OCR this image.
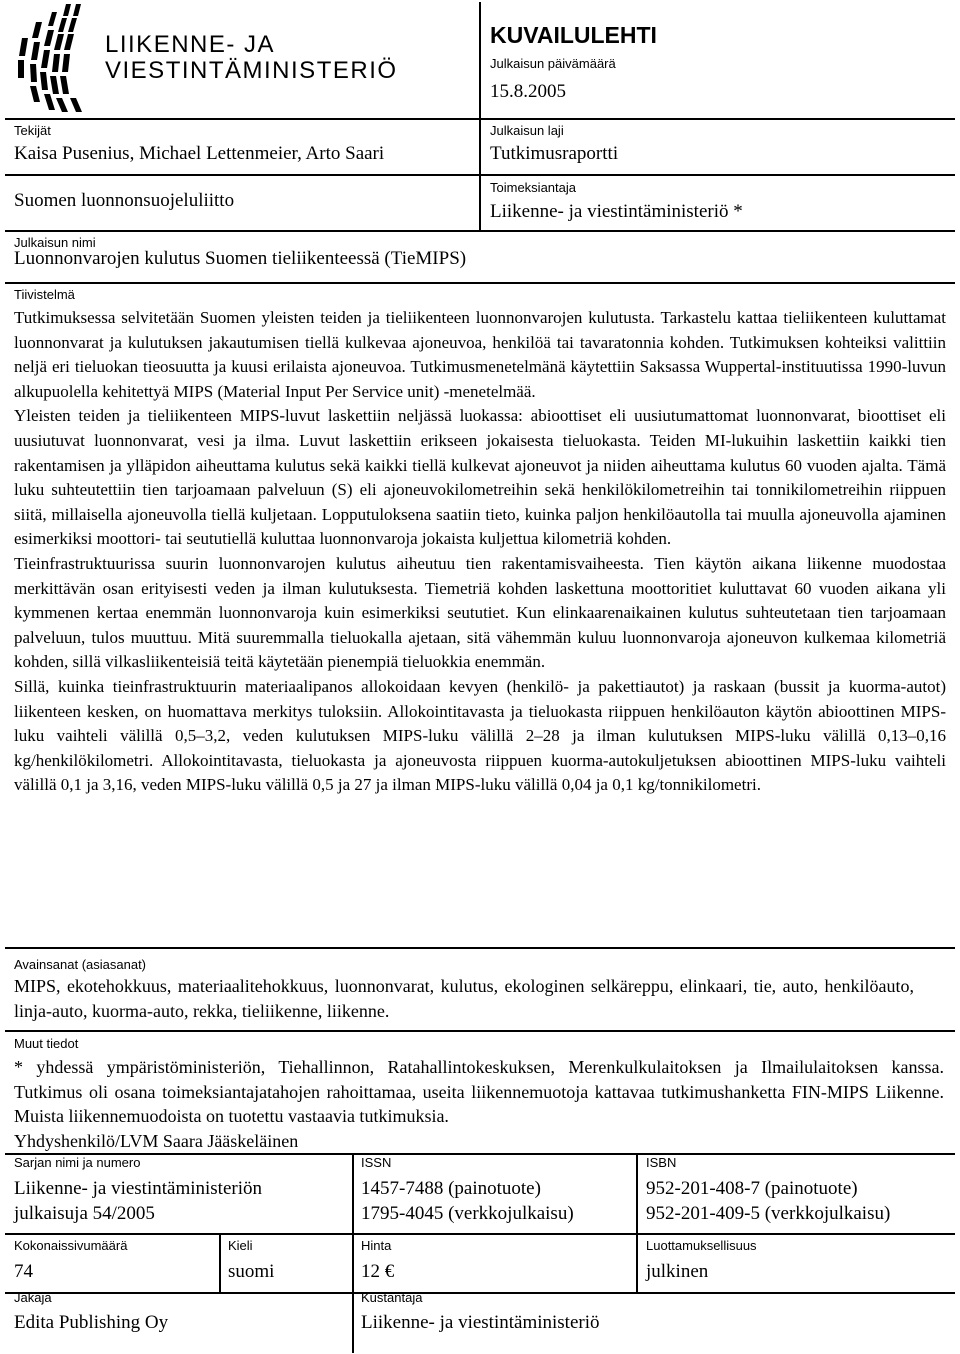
LIIKENNE- JA
VIESTINTÄMINISTERIÖ
KUVAILULEHTI
Julkaisun päivämäärä
15.8.2005
Tekijät
Kaisa Pusenius, Michael Lettenmeier, Arto Saari
Suomen luonnonsuojeluliitto
Julkaisun laji
Tutkimusraportti
Toimeksiantaja
Liikenne- ja viestintäministeriö *
Julkaisun nimi
Luonnonvarojen kulutus Suomen tieliikenteessä (TieMIPS)
Tiivistelmä

Tutkimuksessa selvitetään Suomen yleisten teiden ja tieliikenteen luonnonvarojen kulutusta. Tarkastelu kattaa tieliikenteen kuluttamat luonnonvarat ja kulutuksen jakautumisen tiellä kulkevaa ajoneuvoa, henkilöä tai tavaratonnia kohden. Tutkimuksen kohteiksi valittiin neljä eri tieluokan tieosuutta ja kuusi erilaista ajoneuvoa. Tutkimusmenetelmänä käytettiin Saksassa Wuppertal-instituutissa 1990-luvun alkupuolella kehitettyä MIPS (Material Input Per Service unit) -menetelmää.

Yleisten teiden ja tieliikenteen MIPS-luvut laskettiin neljässä luokassa: abioottiset eli uusiutumattomat luonnonvarat, bioottiset eli uusiutuvat luonnonvarat, vesi ja ilma. Luvut laskettiin erikseen jokaisesta tieluokasta. Teiden MI-lukuihin laskettiin kaikki tien rakentamisen ja ylläpidon aiheuttama kulutus sekä kaikki tiellä kulkevat ajoneuvot ja niiden aiheuttama kulutus 60 vuoden ajalta. Tämä luku suhteutettiin tien tarjoamaan palveluun (S) eli ajoneuvokilometreihin sekä henkilökilometreihin tai tonnikilometreihin riippuen siitä, millaisella ajoneuvolla tiellä kuljetaan. Lopputuloksena saatiin tieto, kuinka paljon henkilöautolla tai muulla ajoneuvolla ajaminen esimerkiksi moottori- tai seututiellä kuluttaa luonnonvaroja jokaista kuljettua kilometriä kohden.

Tieinfrastruktuurissa suurin luonnonvarojen kulutus aiheutuu tien rakentamisvaiheesta. Tien käytön aikana liikenne muodostaa merkittävän osan erityisesti veden ja ilman kulutuksesta. Tiemetriä kohden laskettuna moottoritiet kuluttavat 60 vuoden aikana yli kymmenen kertaa enemmän luonnonvaroja kuin esimerkiksi seututiet. Kun elinkaarenaikainen kulutus suhteutetaan tien tarjoamaan palveluun, tulos muuttuu. Mitä suuremmalla tieluokalla ajetaan, sitä vähemmän kuluu luonnonvaroja ajoneuvon kulkemaa kilometriä kohden, sillä vilkasliikenteisiä teitä käytetään pienempiä tieluokkia enemmän.

Sillä, kuinka tieinfrastruktuurin materiaalipanos allokoidaan kevyen (henkilö- ja pakettiautot) ja raskaan (bussit ja kuorma-autot) liikenteen kesken, on huomattava merkitys tuloksiin. Allokointitavasta ja tieluokasta riippuen henkilöauton käytön abioottinen MIPS-luku vaihteli välillä 0,5–3,2, veden kulutuksen MIPS-luku välillä 2–28 ja ilman kulutuksen MIPS-luku välillä 0,13–0,16 kg/henkilökilometri. Allokointitavasta, tieluokasta ja ajoneuvosta riippuen kuorma-autokuljetuksen abioottinen MIPS-luku vaihteli välillä 0,1 ja 3,16, veden MIPS-luku välillä 0,5 ja 27 ja ilman MIPS-luku välillä 0,04 ja 0,1 kg/tonnikilometri.

Avainsanat (asiasanat)
MIPS, ekotehokkuus, materiaalitehokkuus, luonnonvarat, kulutus, ekologinen selkäreppu, elinkaari, tie, auto, henkilöauto, linja-auto, kuorma-auto, rekka, tieliikenne, liikenne.
Muut tiedot

* yhdessä ympäristöministeriön, Tiehallinnon, Ratahallintokeskuksen, Merenkulkulaitoksen ja Ilmailulaitoksen kanssa. Tutkimus oli osana toimeksiantajatahojen rahoittamaa, useita liikennemuotoja kattavaa tutkimushanketta FIN-MIPS Liikenne. Muista liikennemuodoista on tuotettu vastaavia tutkimuksia.

Yhdyshenkilö/LVM Saara Jääskeläinen

Sarjan nimi ja numero
Liikenne- ja viestintäministeriön
julkaisuja 54/2005
ISSN
1457-7488 (painotuote)
1795-4045 (verkkojulkaisu)
ISBN
952-201-408-7 (painotuote)
952-201-409-5 (verkkojulkaisu)
Kokonaissivumäärä
74
Kieli
suomi
Hinta
12 €
Luottamuksellisuus
julkinen
Jakaja
Edita Publishing Oy
Kustantaja
Liikenne- ja viestintäministeriö
